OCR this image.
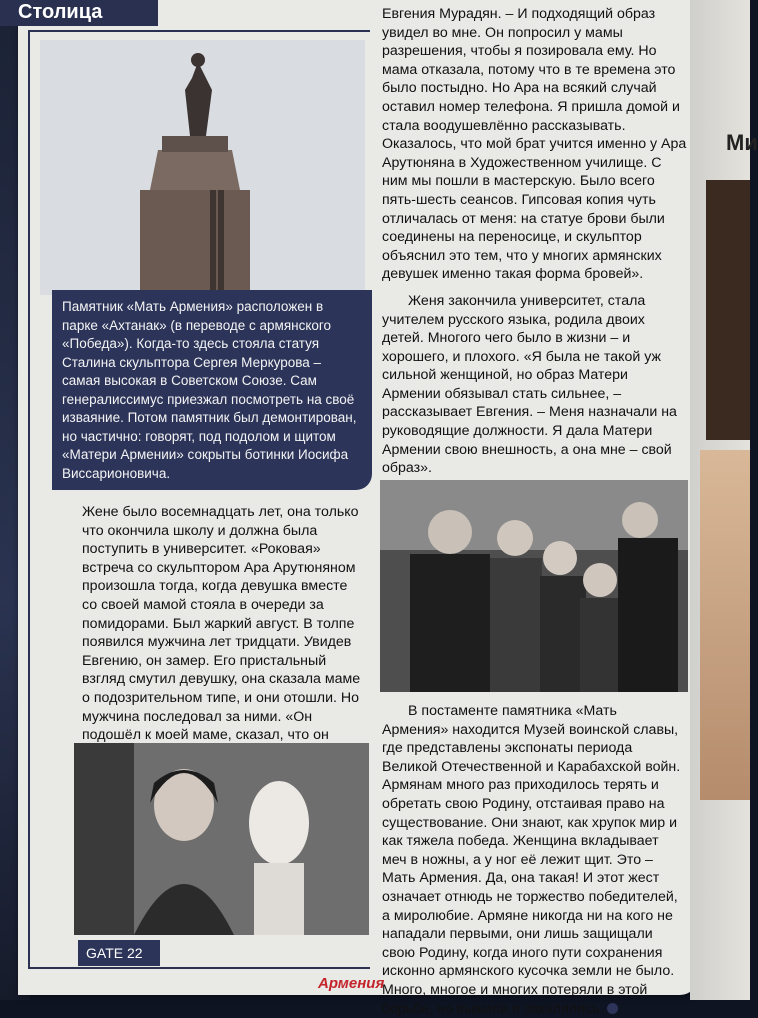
Ми
Столица
Памятник «Мать Армения» расположен в парке «Ахтанак» (в переводе с армянского «Победа»). Когда-то здесь стояла статуя Сталина скульптора Сергея Меркурова – самая высокая в Советском Союзе. Сам генералиссимус приезжал посмотреть на своё изваяние. Потом памятник был демонтирован, но частично: говорят, под подолом и щитом «Матери Армении» сокрыты ботинки Иосифа Виссарионовича.

Жене было восемнадцать лет, она только что окончила школу и должна была поступить в университет. «Роковая» встреча со скульптором Ара Арутюняном произошла тогда, когда девушка вместе со своей мамой стояла в очереди за помидорами. Был жаркий август. В толпе появился мужчина лет тридцати. Увидев Евгению, он замер. Его пристальный взгляд смутил девушку, она сказала маме о подозрительном типе, и они отошли. Но мужчина последовал за ними. «Он подошёл к моей маме, сказал, что он

Евгения Мурадян. – И подходящий образ увидел во мне. Он попросил у мамы разрешения, чтобы я позировала ему. Но мама отказала, потому что в те времена это было постыдно. Но Ара на всякий случай оставил номер телефона. Я пришла домой и стала воодушевлённо рассказывать. Оказалось, что мой брат учится именно у Ара Арутюняна в Художественном училище. С ним мы пошли в мастерскую. Было всего пять-шесть сеансов. Гипсовая копия чуть отличалась от меня: на статуе брови были соединены на переносице, и скульптор объяснил это тем, что у многих армянских девушек именно такая форма бровей».

Женя закончила университет, стала учителем русского языка, родила двоих детей. Многого чего было в жизни – и хорошего, и плохого. «Я была не такой уж сильной женщиной, но образ Матери Армении обязывал стать сильнее, – рассказывает Евгения. – Меня назначали на руководящие должности. Я дала Матери Армении свою внешность, а она мне – свой образ».

В постаменте памятника «Мать Армения» находится Музей воинской славы, где представлены экспонаты периода Великой Отечественной и Карабахской войн. Армянам много раз приходилось терять и обретать свою Родину, отстаивая право на существование. Они знают, как хрупок мир и как тяжела победа. Женщина вкладывает меч в ножны, а у ног её лежит щит. Это – Мать Армения. Да, она такая! И этот жест означает отнюдь не торжество победителей, а миролюбие. Армяне никогда ни на кого не нападали первыми, они лишь защищали свою Родину, когда иного пути сохранения исконно армянского кусочка земли не было. Много, многое и многих потеряли в этой борьбе, но выжили и закалились.

GATE 22
Армения
